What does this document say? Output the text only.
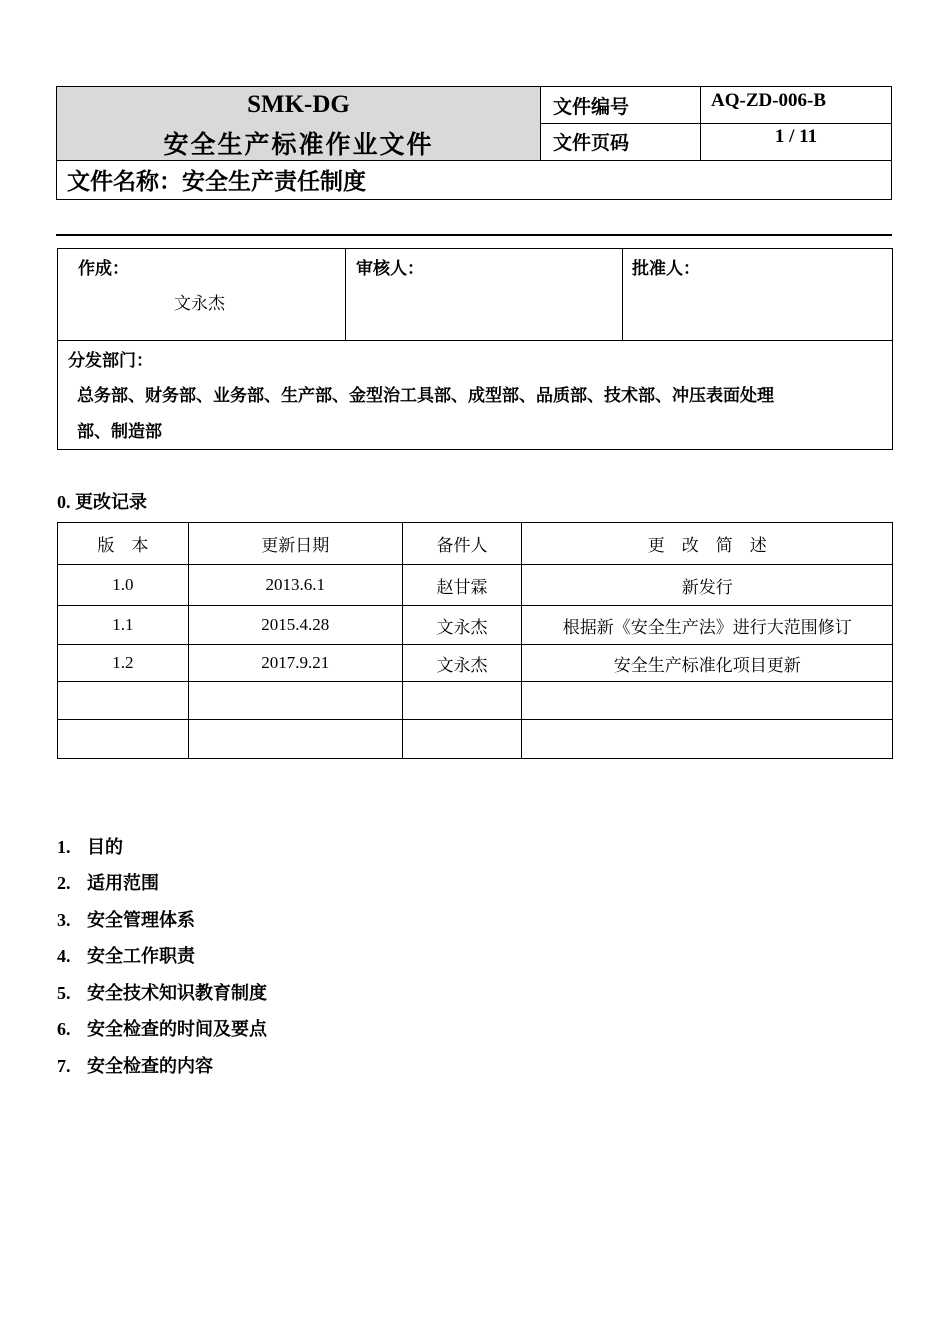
SMK-DG
安全生产标准作业文件
文件编号	AQ-ZD-006-B
文件页码	1 / 11
文件名称：安全生产责任制度
作成：
文永杰
审核人：	批准人：
分发部门：
总务部、财务部、业务部、生产部、金型治工具部、成型部、品质部、技术部、冲压表面处理
部、制造部
0. 更改记录
版　本	更新日期	备件人	更　改　简　述
1.0	2013.6.1	赵甘霖	新发行
1.1	2015.4.28	文永杰	根据新《安全生产法》进行大范围修订
1.2	2017.9.21	文永杰	安全生产标准化项目更新

1. 目的
2. 适用范围
3. 安全管理体系
4. 安全工作职责
5. 安全技术知识教育制度
6. 安全检查的时间及要点
7. 安全检查的内容
